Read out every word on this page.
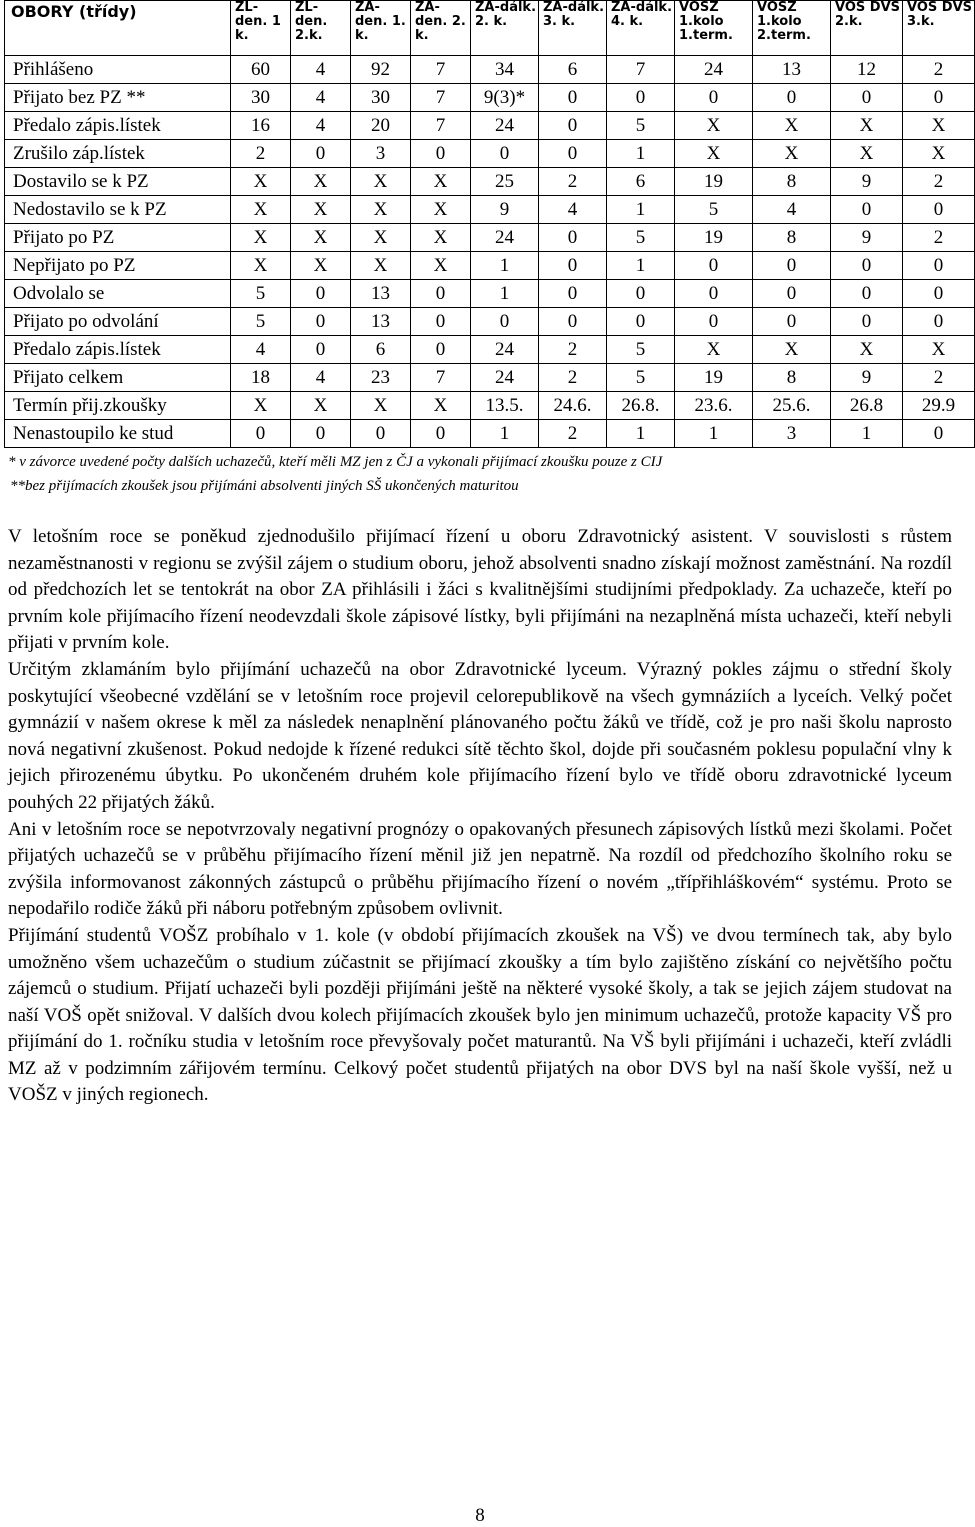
OBORY (třídy)	ZL-den. 1 k.	ZL-den. 2.k.	ZA-den. 1. k.	ZA-den. 2. k.	ZA-dálk. 2. k.	ZA-dálk. 3. k.	ZA-dálk. 4. k.	VOSZ 1.kolo 1.term.	VOSZ 1.kolo 2.term.	VOS DVS 2.k.	VOS DVS 3.k.
Přihlášeno	60	4	92	7	34	6	7	24	13	12	2
Přijato bez PZ **	30	4	30	7	9(3)*	0	0	0	0	0	0
Předalo zápis.lístek	16	4	20	7	24	0	5	X	X	X	X
Zrušilo záp.lístek	2	0	3	0	0	0	1	X	X	X	X
Dostavilo se k PZ	X	X	X	X	25	2	6	19	8	9	2
Nedostavilo se k PZ	X	X	X	X	9	4	1	5	4	0	0
Přijato po PZ	X	X	X	X	24	0	5	19	8	9	2
Nepřijato po PZ	X	X	X	X	1	0	1	0	0	0	0
Odvolalo se	5	0	13	0	1	0	0	0	0	0	0
Přijato po odvolání	5	0	13	0	0	0	0	0	0	0	0
Předalo zápis.lístek	4	0	6	0	24	2	5	X	X	X	X
Přijato celkem	18	4	23	7	24	2	5	19	8	9	2
Termín přij.zkoušky	X	X	X	X	13.5.	24.6.	26.8.	23.6.	25.6.	26.8	29.9
Nenastoupilo ke stud	0	0	0	0	1	2	1	1	3	1	0
* v závorce uvedené počty dalších uchazečů, kteří měli MZ jen z ČJ a vykonali přijímací zkoušku pouze z CIJ
**bez přijímacích zkoušek jsou přijímáni absolventi jiných SŠ ukončených maturitou

V letošním roce se poněkud zjednodušilo přijímací řízení u oboru Zdravotnický asistent. V souvislosti s růstem nezaměstnanosti v regionu se zvýšil zájem o studium oboru, jehož absolventi snadno získají možnost zaměstnání. Na rozdíl od předchozích let se tentokrát na obor ZA přihlásili i žáci s kvalitnějšími studijními předpoklady. Za uchazeče, kteří po prvním kole přijímacího řízení neodevzdali škole zápisové lístky, byli přijímáni na nezaplněná místa uchazeči, kteří nebyli přijati v prvním kole.

Určitým zklamáním bylo přijímání uchazečů na obor Zdravotnické lyceum. Výrazný pokles zájmu o střední školy poskytující všeobecné vzdělání se v letošním roce projevil celorepublikově na všech gymnáziích a lyceích. Velký počet gymnázií v našem okrese k měl za následek nenaplnění plánovaného počtu žáků ve třídě, což je pro naši školu naprosto nová negativní zkušenost. Pokud nedojde k řízené redukci sítě těchto škol, dojde při současném poklesu populační vlny k jejich přirozenému úbytku. Po ukončeném druhém kole přijímacího řízení bylo ve třídě oboru zdravotnické lyceum pouhých 22 přijatých žáků.

Ani v letošním roce se nepotvrzovaly negativní prognózy o opakovaných přesunech zápisových lístků mezi školami. Počet přijatých uchazečů se v průběhu přijímacího řízení měnil již jen nepatrně. Na rozdíl od předchozího školního roku se zvýšila informovanost zákonných zástupců o průběhu přijímacího řízení o novém „třípřihláškovém“ systému. Proto se nepodařilo rodiče žáků při náboru potřebným způsobem ovlivnit.

Přijímání studentů VOŠZ probíhalo v 1. kole (v období přijímacích zkoušek na VŠ) ve dvou termínech tak, aby bylo umožněno všem uchazečům o studium zúčastnit se přijímací zkoušky a tím bylo zajištěno získání co největšího počtu zájemců o studium. Přijatí uchazeči byli později přijímáni ještě na některé vysoké školy, a tak se jejich zájem studovat na naší VOŠ opět snižoval. V dalších dvou kolech přijímacích zkoušek bylo jen minimum uchazečů, protože kapacity VŠ pro přijímání do 1. ročníku studia v letošním roce převyšovaly počet maturantů. Na VŠ byli přijímáni i uchazeči, kteří zvládli MZ až v podzimním zářijovém termínu. Celkový počet studentů přijatých na obor DVS byl na naší škole vyšší, než u VOŠZ v jiných regionech.

8
